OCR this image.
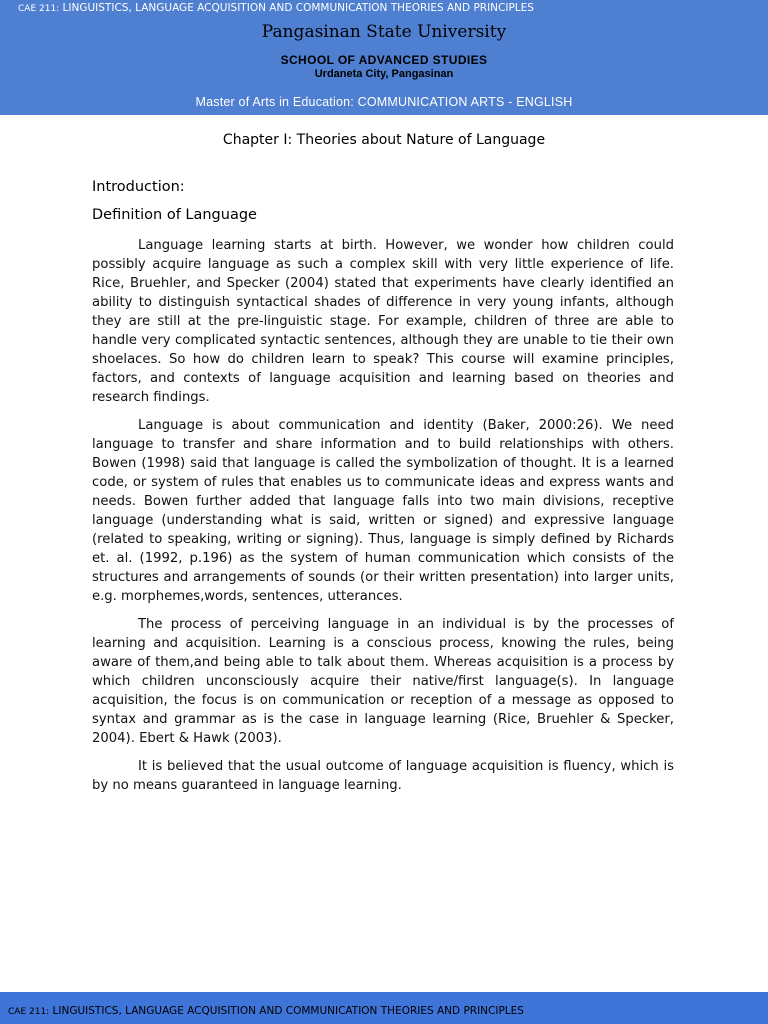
CAE 211: LINGUISTICS, LANGUAGE ACQUISITION AND COMMUNICATION THEORIES AND PRINCIPLES
Pangasinan State University
SCHOOL OF ADVANCED STUDIES
Urdaneta City, Pangasinan
Master of Arts in Education: COMMUNICATION ARTS - ENGLISH
Chapter I: Theories about Nature of Language
Introduction:
Definition of Language

Language learning starts at birth. However, we wonder how children could possibly acquire language as such a complex skill with very little experience of life. Rice, Bruehler, and Specker (2004) stated that experiments have clearly identified an ability to distinguish syntactical shades of difference in very young infants, although they are still at the pre-linguistic stage. For example, children of three are able to handle very complicated syntactic sentences, although they are unable to tie their own shoelaces. So how do children learn to speak? This course will examine principles, factors, and contexts of language acquisition and learning based on theories and research findings.

Language is about communication and identity (Baker, 2000:26). We need language to transfer and share information and to build relationships with others. Bowen (1998) said that language is called the symbolization of thought. It is a learned code, or system of rules that enables us to communicate ideas and express wants and needs. Bowen further added that language falls into two main divisions, receptive language (understanding what is said, written or signed) and expressive language (related to speaking, writing or signing). Thus, language is simply defined by Richards et. al. (1992, p.196) as the system of human communication which consists of the structures and arrangements of sounds (or their written presentation) into larger units, e.g. morphemes,words, sentences, utterances.

The process of perceiving language in an individual is by the processes of learning and acquisition. Learning is a conscious process, knowing the rules, being aware of them,and being able to talk about them. Whereas acquisition is a process by which children unconsciously acquire their native/first language(s). In language acquisition, the focus is on communication or reception of a message as opposed to syntax and grammar as is the case in language learning (Rice, Bruehler & Specker, 2004). Ebert & Hawk (2003).

It is believed that the usual outcome of language acquisition is fluency, which is by no means guaranteed in language learning.

CAE 211: LINGUISTICS, LANGUAGE ACQUISITION AND COMMUNICATION THEORIES AND PRINCIPLES
